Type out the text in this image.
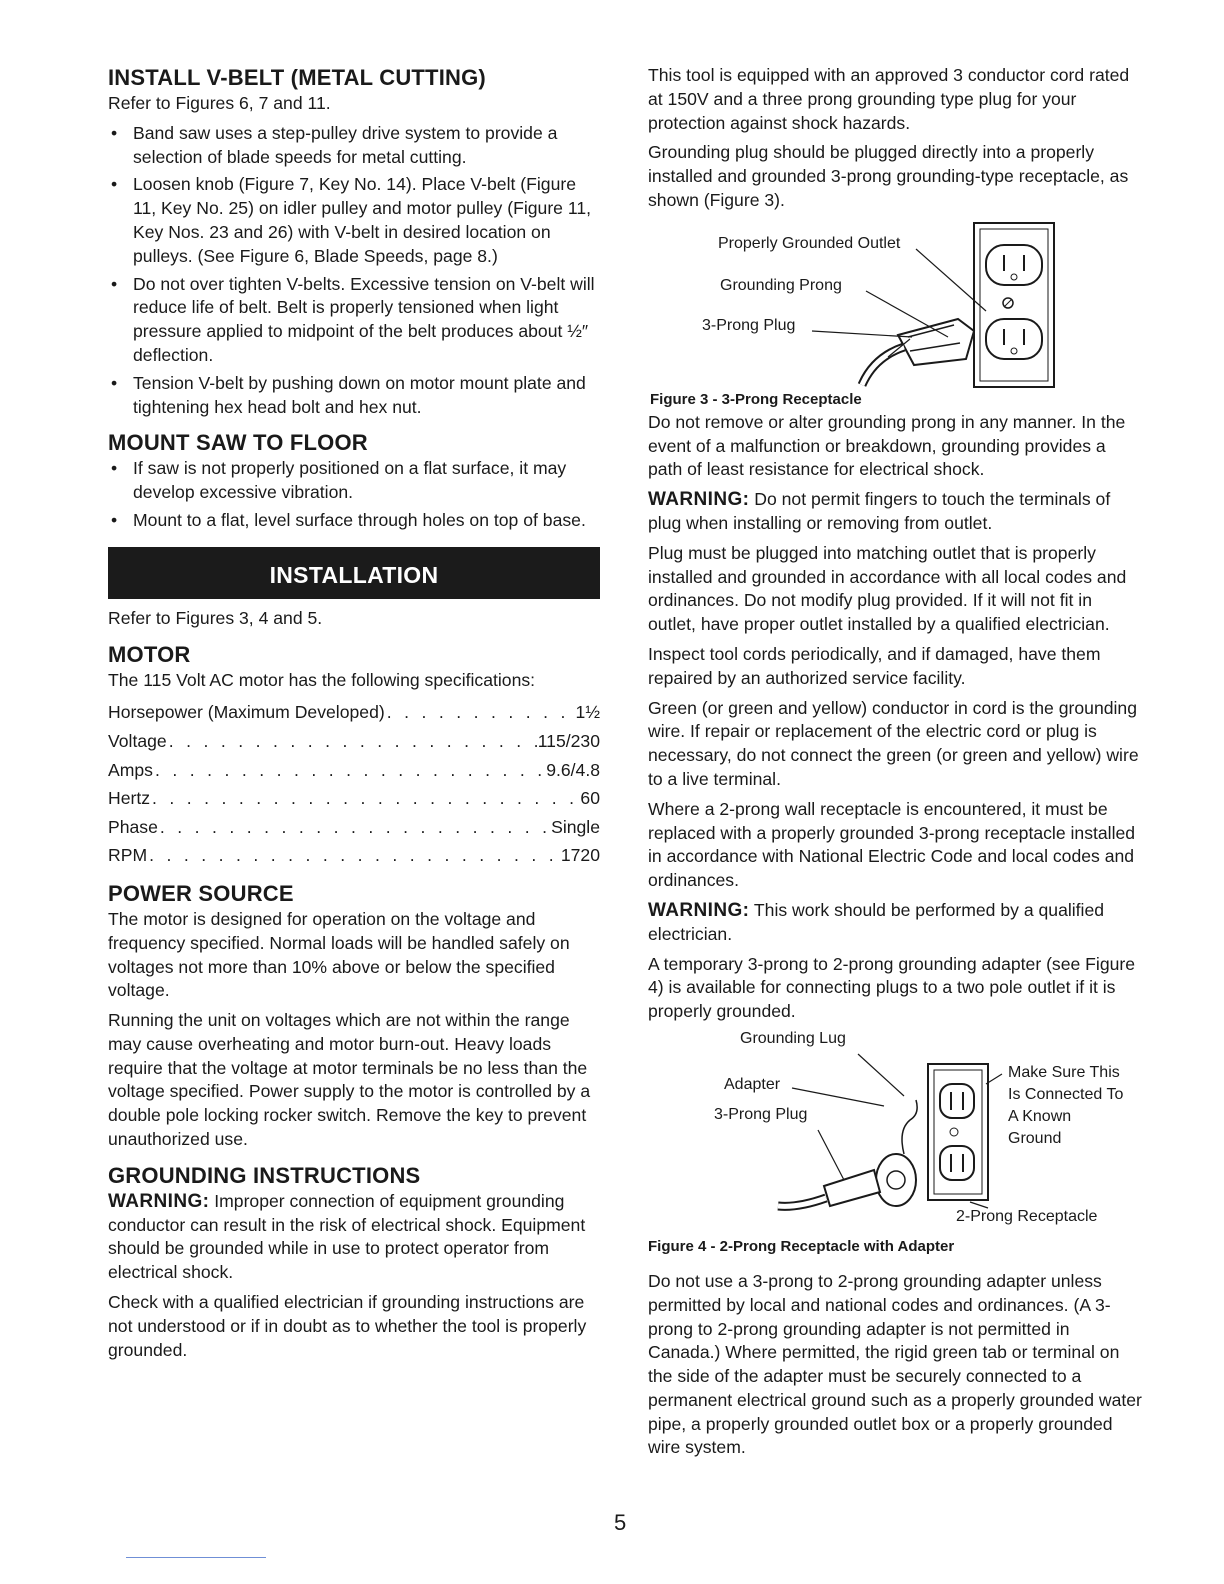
INSTALL V-BELT (METAL CUTTING)

Refer to Figures 6, 7 and 11.

• Band saw uses a step-pulley drive system to provide a selection of blade speeds for metal cutting.
• Loosen knob (Figure 7, Key No. 14). Place V-belt (Figure 11, Key No. 25) on idler pulley and motor pulley (Figure 11, Key Nos. 23 and 26) with V-belt in desired location on pulleys. (See Figure 6, Blade Speeds, page 8.)
• Do not over tighten V-belts. Excessive tension on V-belt will reduce life of belt. Belt is properly tensioned when light pressure applied to midpoint of the belt produces about ½″ deflection.
• Tension V-belt by pushing down on motor mount plate and tightening hex head bolt and hex nut.
MOUNT SAW TO FLOOR
• If saw is not properly positioned on a flat surface, it may develop excessive vibration.
• Mount to a flat, level surface through holes on top of base.
INSTALLATION

Refer to Figures 3, 4 and 5.

MOTOR

The 115 Volt AC motor has the following specifications:

Horsepower (Maximum Developed) . . .	1½
Voltage . . .	115/230
Amps . . .	9.6/4.8
Hertz . . .	60
Phase . . .	Single
RPM . . .	1720
POWER SOURCE

The motor is designed for operation on the voltage and frequency specified. Normal loads will be handled safely on voltages not more than 10% above or below the specified voltage.

Running the unit on voltages which are not within the range may cause overheating and motor burn-out. Heavy loads require that the voltage at motor terminals be no less than the voltage specified. Power supply to the motor is controlled by a double pole locking rocker switch. Remove the key to prevent unauthorized use.

GROUNDING INSTRUCTIONS

WARNING: Improper connection of equipment grounding conductor can result in the risk of electrical shock. Equipment should be grounded while in use to protect operator from electrical shock.

Check with a qualified electrician if grounding instructions are not understood or if in doubt as to whether the tool is properly grounded.

This tool is equipped with an approved 3 conductor cord rated at 150V and a three prong grounding type plug for your protection against shock hazards.

Grounding plug should be plugged directly into a properly installed and grounded 3-prong grounding-type receptacle, as shown (Figure 3).

Properly Grounded Outlet
Grounding Prong
3-Prong Plug
Figure 3 - 3-Prong Receptacle

Do not remove or alter grounding prong in any manner. In the event of a malfunction or breakdown, grounding provides a path of least resistance for electrical shock.

WARNING: Do not permit fingers to touch the terminals of plug when installing or removing from outlet.

Plug must be plugged into matching outlet that is properly installed and grounded in accordance with all local codes and ordinances. Do not modify plug provided. If it will not fit in outlet, have proper outlet installed by a qualified electrician.

Inspect tool cords periodically, and if damaged, have them repaired by an authorized service facility.

Green (or green and yellow) conductor in cord is the grounding wire. If repair or replacement of the electric cord or plug is necessary, do not connect the green (or green and yellow) wire to a live terminal.

Where a 2-prong wall receptacle is encountered, it must be replaced with a properly grounded 3-prong receptacle installed in accordance with National Electric Code and local codes and ordinances.

WARNING: This work should be performed by a qualified electrician.

A temporary 3-prong to 2-prong grounding adapter (see Figure 4) is available for connecting plugs to a two pole outlet if it is properly grounded.

Grounding Lug
Adapter
3-Prong Plug
Make Sure This Is Connected To A Known Ground
2-Prong Receptacle
Figure 4 - 2-Prong Receptacle with Adapter

Do not use a 3-prong to 2-prong grounding adapter unless permitted by local and national codes and ordinances. (A 3-prong to 2-prong grounding adapter is not permitted in Canada.) Where permitted, the rigid green tab or terminal on the side of the adapter must be securely connected to a permanent electrical ground such as a properly grounded water pipe, a properly grounded outlet box or a properly grounded wire system.

5
